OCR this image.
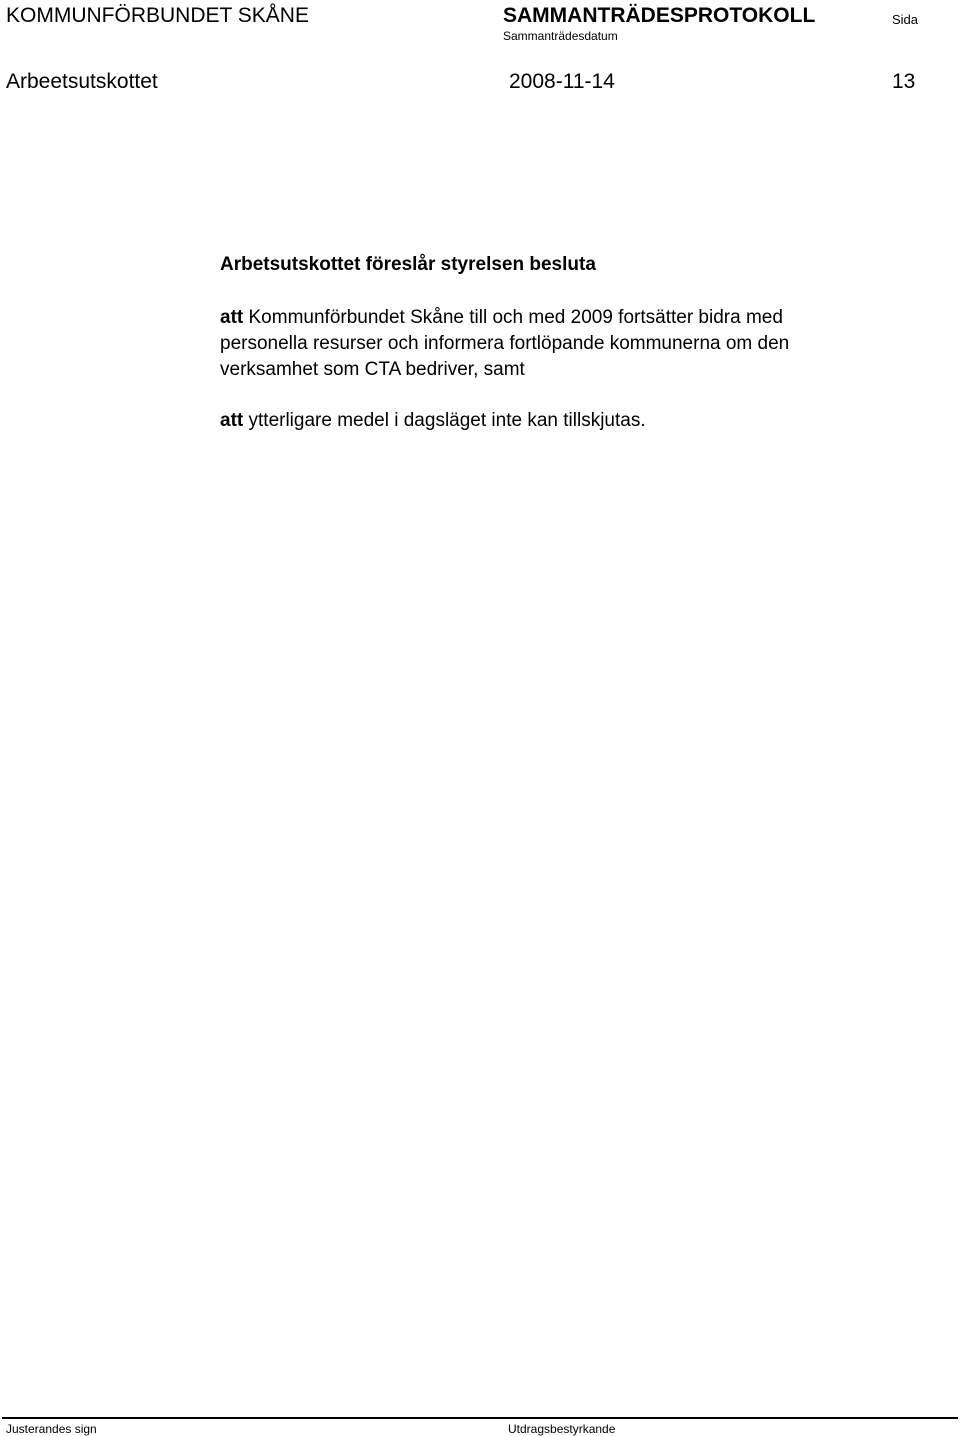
KOMMUNFÖRBUNDET SKÅNE	SAMMANTRÄDESPROTOKOLL
Sammanträdesdatum
Sida
Arbeetsutskottet	2008-11-14	13
Arbetsutskottet föreslår styrelsen besluta

att Kommunförbundet Skåne till och med 2009 fortsätter bidra med
personella resurser och informera fortlöpande kommunerna om den
verksamhet som CTA bedriver, samt

att ytterligare medel i dagsläget inte kan tillskjutas.

Justerandes sign	Utdragsbestyrkande
